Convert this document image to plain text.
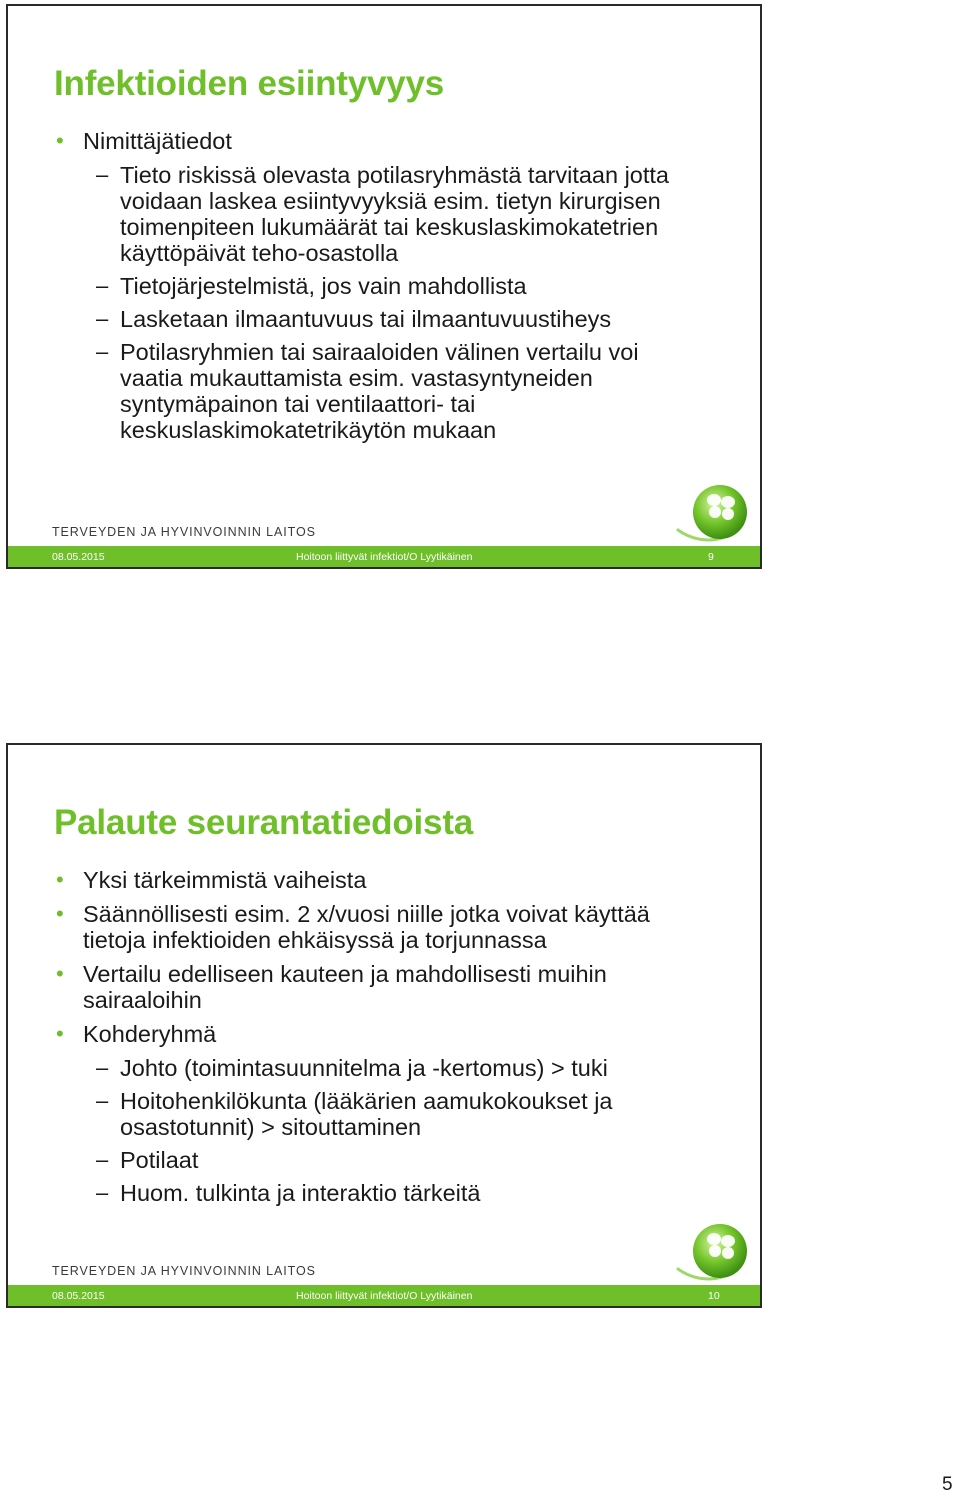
Infektioiden esiintyvyys
• Nimittäjätiedot
– Tieto riskissä olevasta potilasryhmästä tarvitaan jotta
voidaan laskea esiintyvyyksiä esim. tietyn kirurgisen
toimenpiteen lukumäärät tai keskuslaskimokatetrien
käyttöpäivät teho-osastolla
– Tietojärjestelmistä, jos vain mahdollista
– Lasketaan ilmaantuvuus tai ilmaantuvuustiheys
– Potilasryhmien tai sairaaloiden välinen vertailu voi
vaatia mukauttamista esim. vastasyntyneiden
syntymäpainon tai ventilaattori- tai
keskuslaskimokatetrikäytön mukaan
TERVEYDEN JA HYVINVOINNIN LAITOS
08.05.2015	Hoitoon liittyvät infektiot/O Lyytikäinen	9
Palaute seurantatiedoista
• Yksi tärkeimmistä vaiheista
• Säännöllisesti esim. 2 x/vuosi niille jotka voivat käyttää
tietoja infektioiden ehkäisyssä ja torjunnassa
• Vertailu edelliseen kauteen ja mahdollisesti muihin
sairaaloihin
• Kohderyhmä
– Johto (toimintasuunnitelma ja -kertomus) > tuki
– Hoitohenkilökunta (lääkärien aamukokoukset ja
osastotunnit) > sitouttaminen
– Potilaat
– Huom. tulkinta ja interaktio tärkeitä
TERVEYDEN JA HYVINVOINNIN LAITOS
08.05.2015	Hoitoon liittyvät infektiot/O Lyytikäinen	10
5
